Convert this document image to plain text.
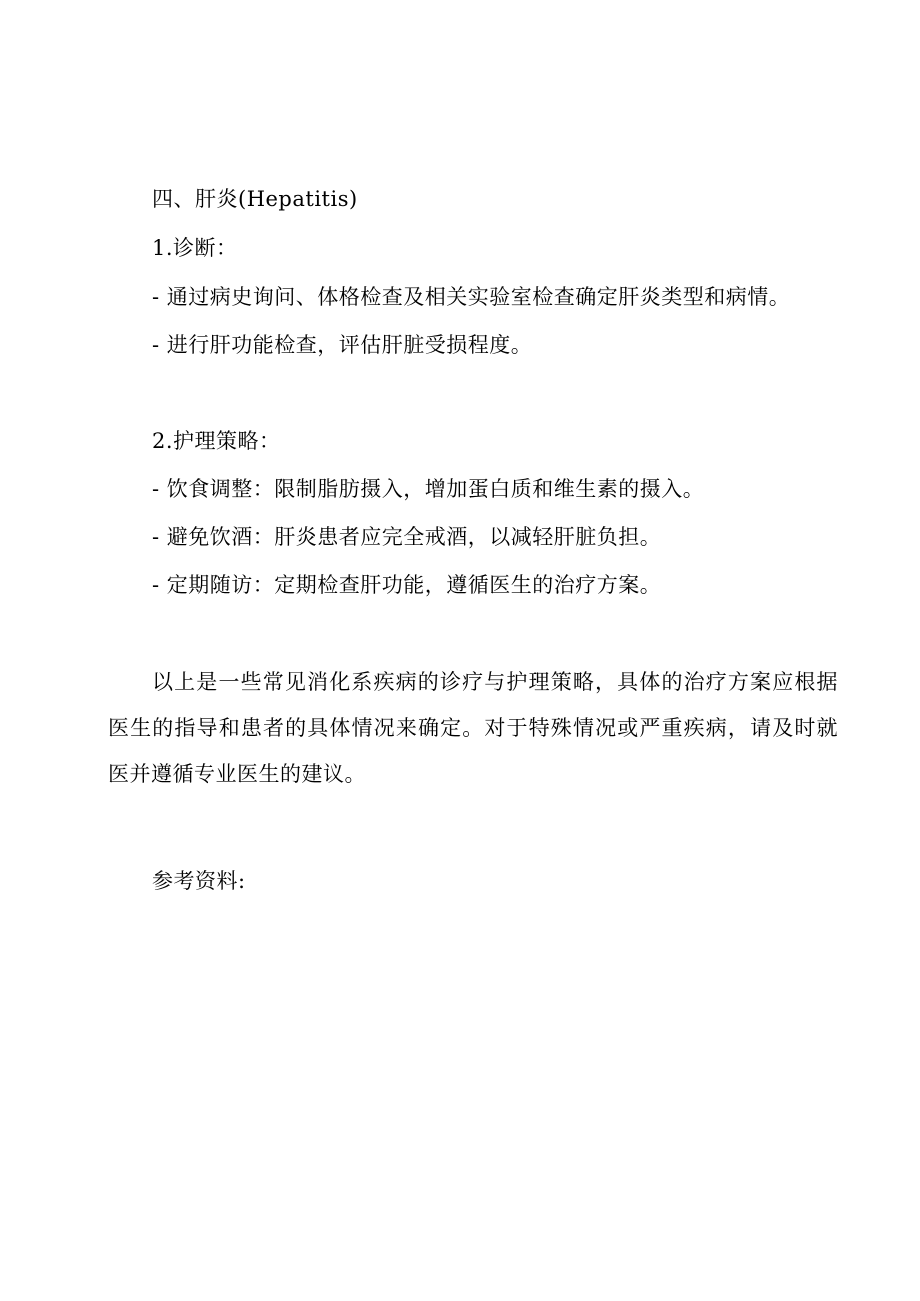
四、肝炎(Hepatitis)
1.诊断：
- 通过病史询问、体格检查及相关实验室检查确定肝炎类型和病情。
- 进行肝功能检查，评估肝脏受损程度。
2.护理策略：
- 饮食调整：限制脂肪摄入，增加蛋白质和维生素的摄入。
- 避免饮酒：肝炎患者应完全戒酒，以减轻肝脏负担。
- 定期随访：定期检查肝功能，遵循医生的治疗方案。

以上是一些常见消化系疾病的诊疗与护理策略，具体的治疗方案应根据医生的指导和患者的具体情况来确定。对于特殊情况或严重疾病，请及时就医并遵循专业医生的建议。

参考资料:
